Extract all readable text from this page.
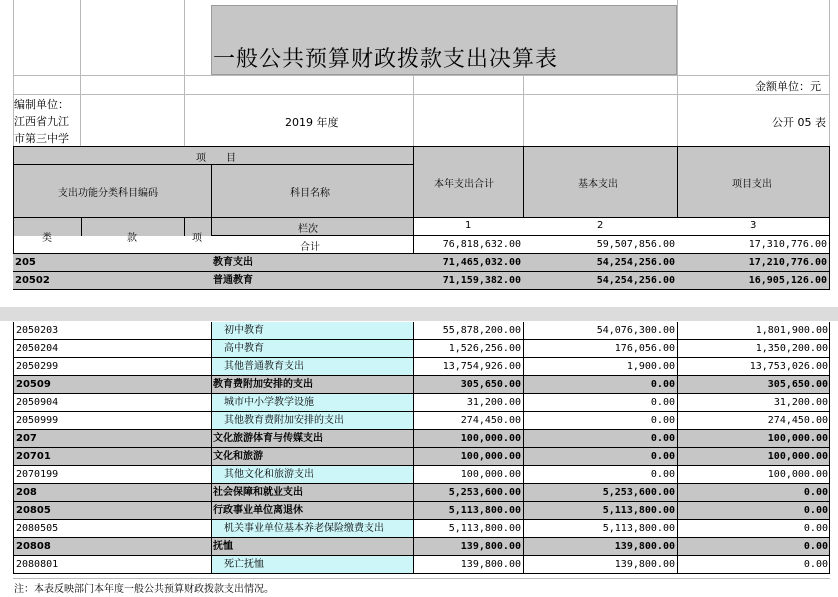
一般公共预算财政拨款支出决算表
金额单位：元
编制单位：
江西省九江
市第三中学
2019 年度	公开 05 表
项　　目
支出功能分类科目编码	科目名称
本年支出合计	基本支出	项目支出
类	款	项
栏次	1	2	3
合计	76,818,632.00	59,507,856.00	17,310,776.00
205	教育支出	71,465,032.00	54,254,256.00	17,210,776.00
20502	普通教育	71,159,382.00	54,254,256.00	16,905,126.00
2050203	初中教育	55,878,200.00	54,076,300.00	1,801,900.00
2050204	高中教育	1,526,256.00	176,056.00	1,350,200.00
2050299	其他普通教育支出	13,754,926.00	1,900.00	13,753,026.00
20509	教育费附加安排的支出	305,650.00	0.00	305,650.00
2050904	城市中小学教学设施	31,200.00	0.00	31,200.00
2050999	其他教育费附加安排的支出	274,450.00	0.00	274,450.00
207	文化旅游体育与传媒支出	100,000.00	0.00	100,000.00
20701	文化和旅游	100,000.00	0.00	100,000.00
2070199	其他文化和旅游支出	100,000.00	0.00	100,000.00
208	社会保障和就业支出	5,253,600.00	5,253,600.00	0.00
20805	行政事业单位离退休	5,113,800.00	5,113,800.00	0.00
2080505	机关事业单位基本养老保险缴费支出	5,113,800.00	5,113,800.00	0.00
20808	抚恤	139,800.00	139,800.00	0.00
2080801	死亡抚恤	139,800.00	139,800.00	0.00
注：本表反映部门本年度一般公共预算财政拨款支出情况。
